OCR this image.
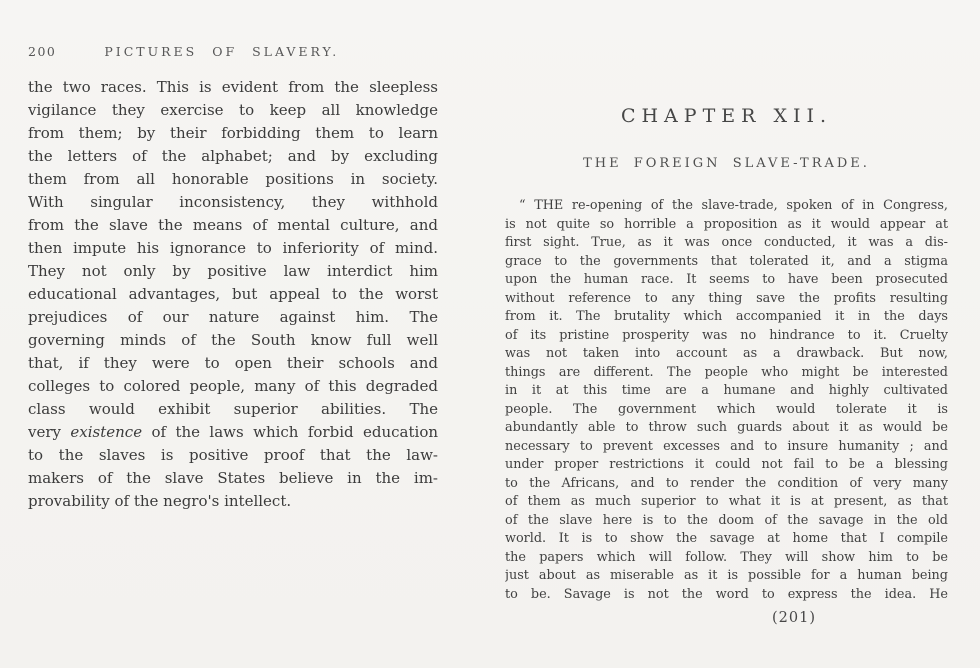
200	PICTURES OF SLAVERY.
the two races. This is evident from the sleepless
vigilance they exercise to keep all knowledge
from them; by their forbidding them to learn
the letters of the alphabet; and by excluding
them from all honorable positions in society.
With singular inconsistency, they withhold
from the slave the means of mental culture, and
then impute his ignorance to inferiority of mind.
They not only by positive law interdict him
educational advantages, but appeal to the worst
prejudices of our nature against him. The
governing minds of the South know full well
that, if they were to open their schools and
colleges to colored people, many of this degraded
class would exhibit superior abilities. The
very existence of the laws which forbid education
to the slaves is positive proof that the law-
makers of the slave States believe in the im-
provability of the negro's intellect.
CHAPTER XII.
THE FOREIGN SLAVE-TRADE.
“ THE re-opening of the slave-trade, spoken of in Congress,
is not quite so horrible a proposition as it would appear at
first sight. True, as it was once conducted, it was a dis-
grace to the governments that tolerated it, and a stigma
upon the human race. It seems to have been prosecuted
without reference to any thing save the profits resulting
from it. The brutality which accompanied it in the days
of its pristine prosperity was no hindrance to it. Cruelty
was not taken into account as a drawback. But now,
things are different. The people who might be interested
in it at this time are a humane and highly cultivated
people. The government which would tolerate it is
abundantly able to throw such guards about it as would be
necessary to prevent excesses and to insure humanity ; and
under proper restrictions it could not fail to be a blessing
to the Africans, and to render the condition of very many
of them as much superior to what it is at present, as that
of the slave here is to the doom of the savage in the old
world. It is to show the savage at home that I compile
the papers which will follow. They will show him to be
just about as miserable as it is possible for a human being
to be. Savage is not the word to express the idea. He
(201)
